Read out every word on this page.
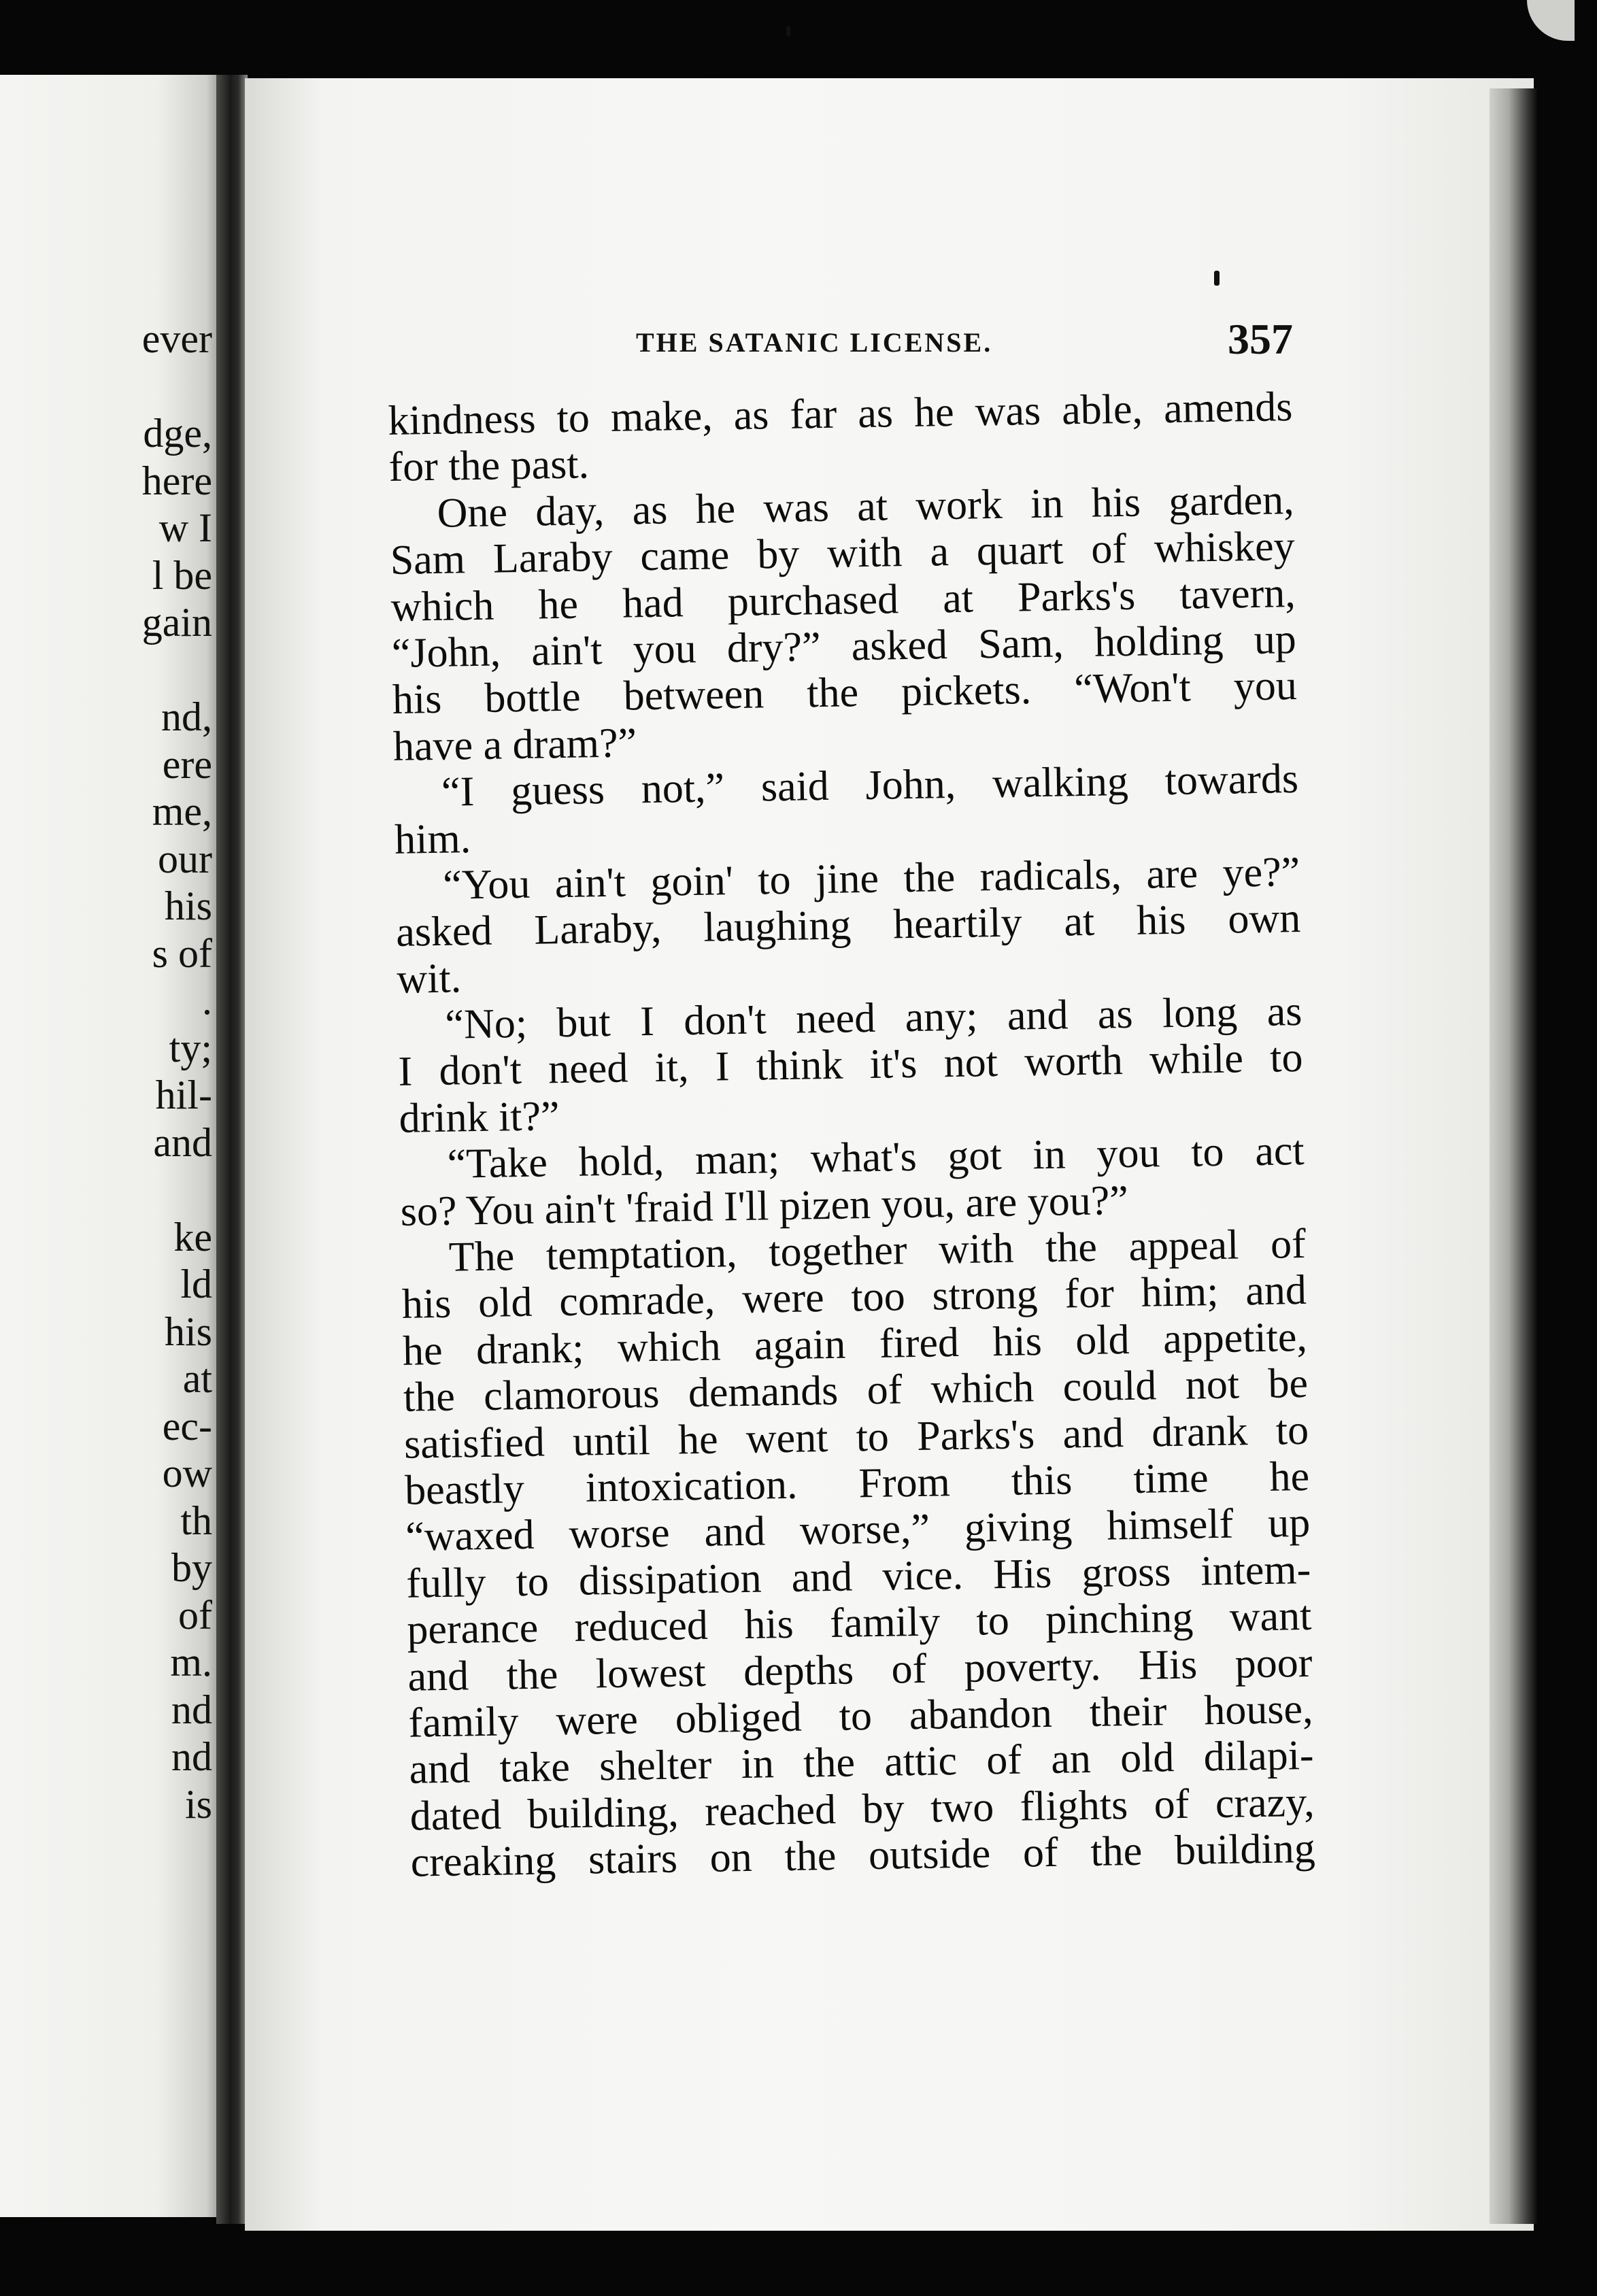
ever
dge,
here
w I
l be
gain
nd,
ere
me,
our
his
s of
.
ty;
hil-
and
ke
ld
his
at
ec-
ow
th
by
of
m.
nd
nd
is
THE SATANIC LICENSE.	357
kindness to make, as far as he was able, amends
for the past.
One day, as he was at work in his garden,
Sam Laraby came by with a quart of whiskey
which he had purchased at Parks's tavern,
“John, ain't you dry?” asked Sam, holding up
his bottle between the pickets. “Won't you
have a dram?”
“I guess not,” said John, walking towards
him.
“You ain't goin' to jine the radicals, are ye?”
asked Laraby, laughing heartily at his own
wit.
“No; but I don't need any; and as long as
I don't need it, I think it's not worth while to
drink it?”
“Take hold, man; what's got in you to act
so? You ain't 'fraid I'll pizen you, are you?”
The temptation, together with the appeal of
his old comrade, were too strong for him; and
he drank; which again fired his old appetite,
the clamorous demands of which could not be
satisfied until he went to Parks's and drank to
beastly intoxication. From this time he
“waxed worse and worse,” giving himself up
fully to dissipation and vice. His gross intem-
perance reduced his family to pinching want
and the lowest depths of poverty. His poor
family were obliged to abandon their house,
and take shelter in the attic of an old dilapi-
dated building, reached by two flights of crazy,
creaking stairs on the outside of the building
